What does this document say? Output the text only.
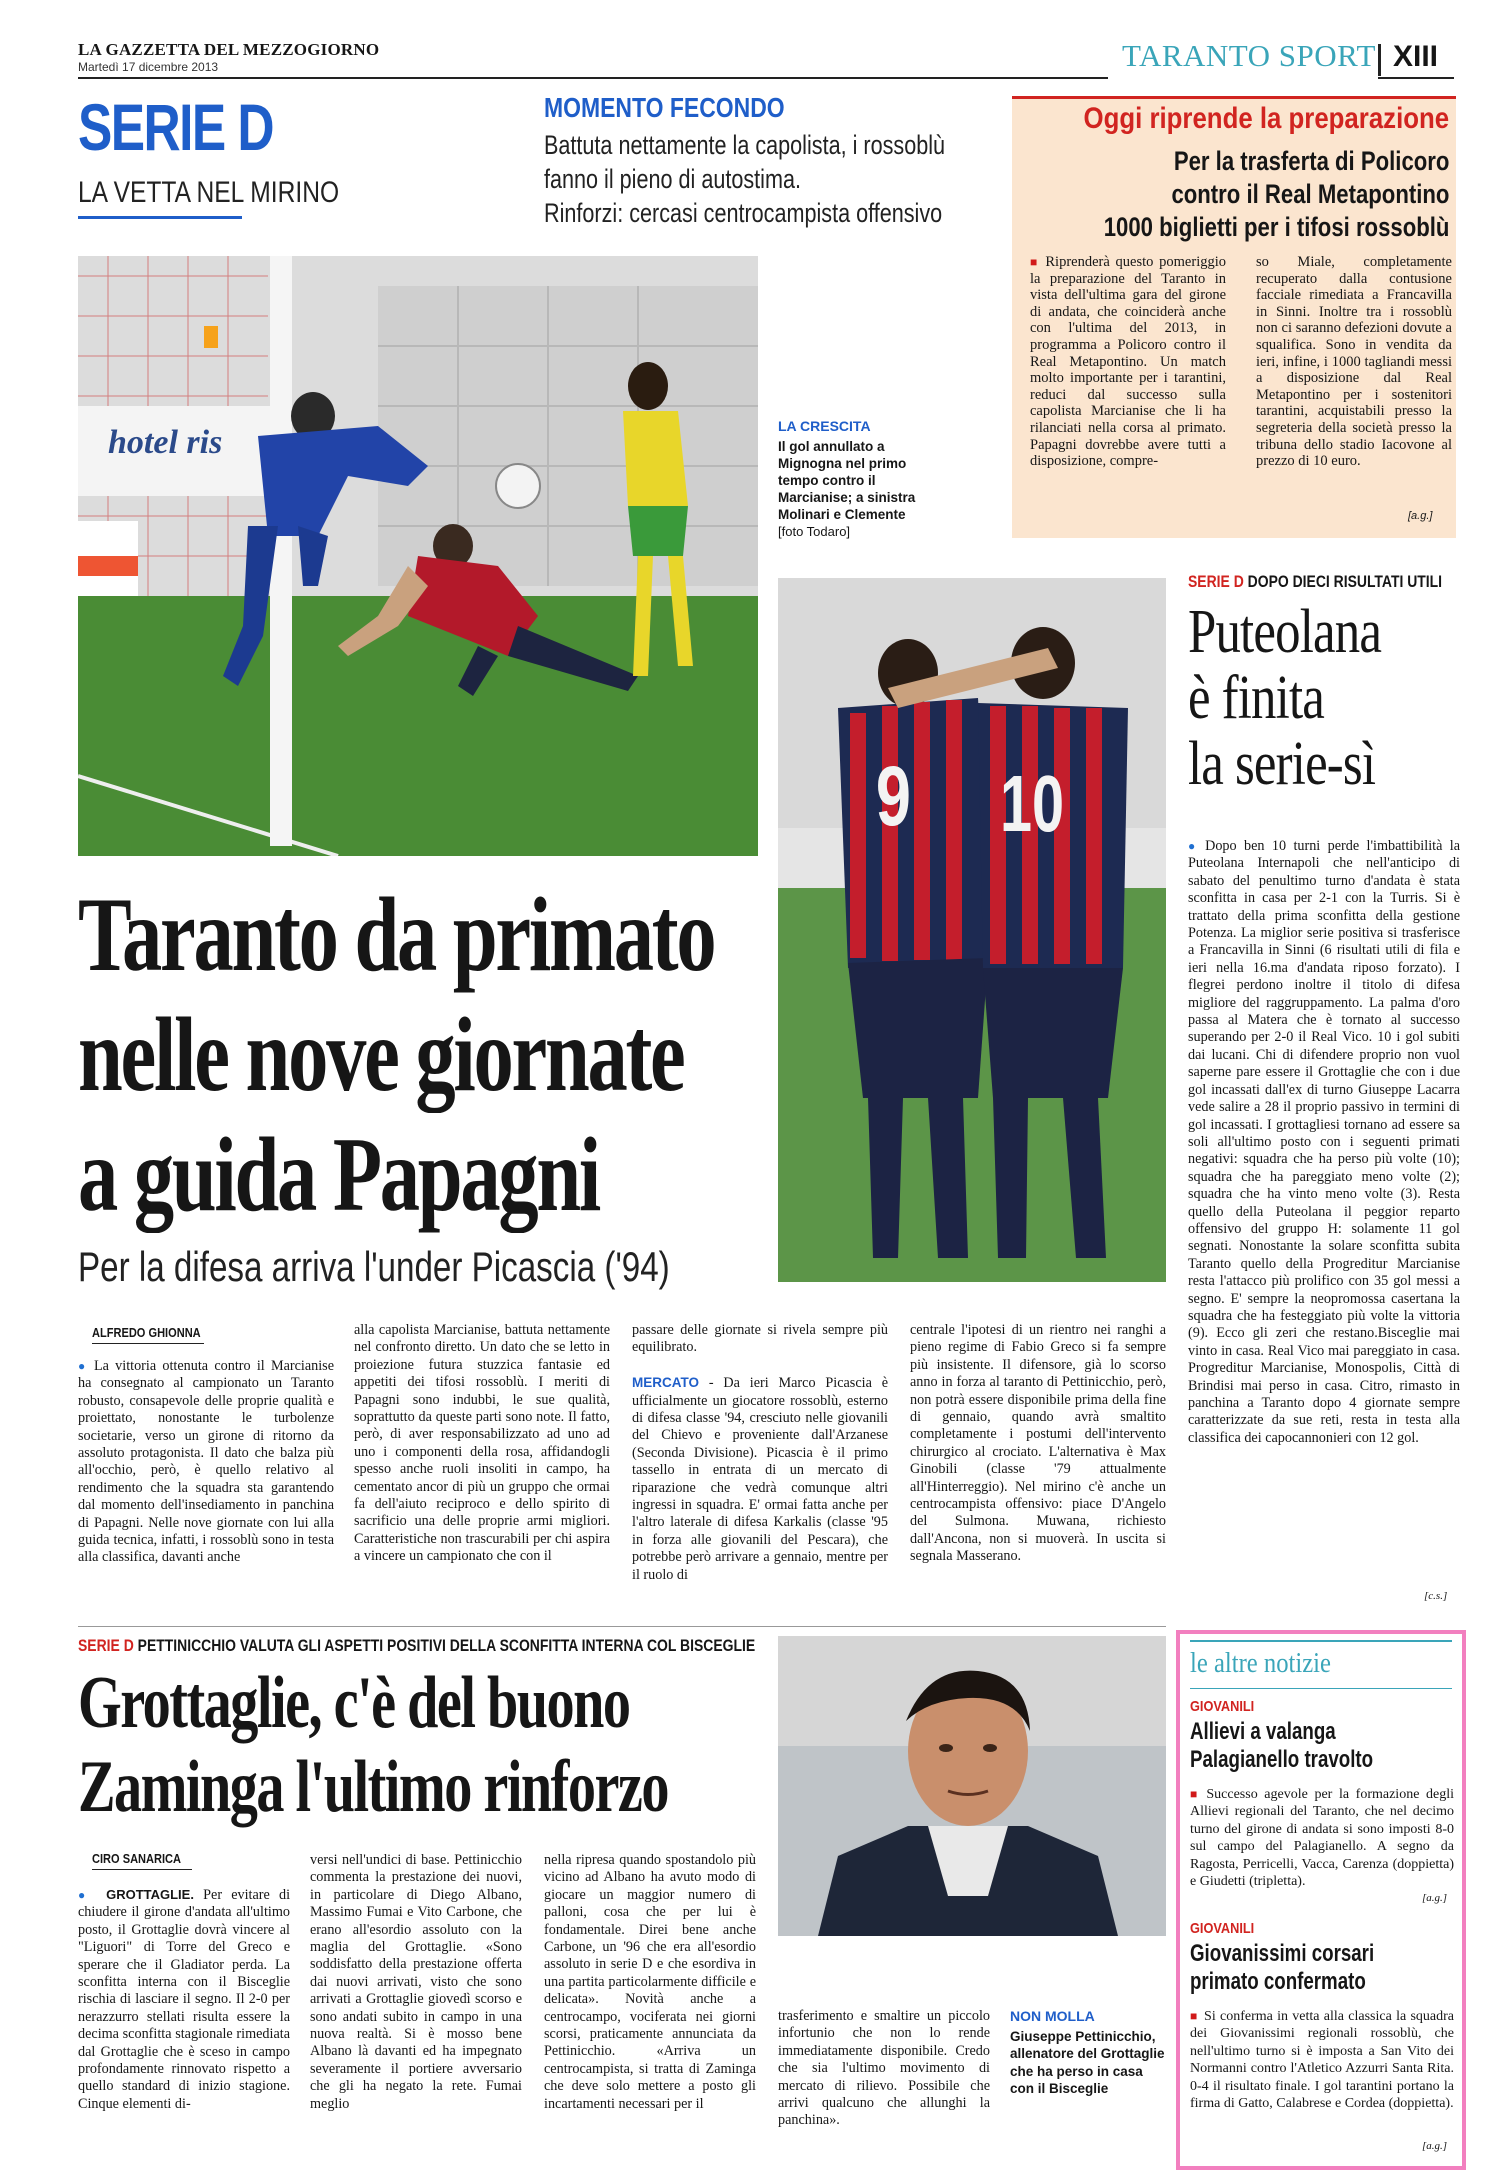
LA GAZZETTA DEL MEZZOGIORNO
Martedì 17 dicembre 2013	TARANTO SPORT XIII
SERIE D
LA VETTA NEL MIRINO
MOMENTO FECONDO
Battuta nettamente la capolista, i rossoblù
fanno il pieno di autostima.
Rinforzi: cercasi centrocampista offensivo
Oggi riprende la preparazione
Per la trasferta di Policoro
contro il Real Metapontino
1000 biglietti per i tifosi rossoblù
■ Riprenderà questo pomeriggio la preparazione del Taranto in vista dell'ultima gara del girone di andata, che coinciderà anche con l'ultima del 2013, in programma a Policoro contro il Real Metapontino. Un match molto importante per i tarantini, reduci dal successo sulla capolista Marcianise che li ha rilanciati nella corsa al primato. Papagni dovrebbe avere tutti a disposizione, compre-
so Miale, completamente recuperato dalla contusione facciale rimediata a Francavilla in Sinni. Inoltre tra i rossoblù non ci saranno defezioni dovute a squalifica. Sono in vendita da ieri, infine, i 1000 tagliandi messi a disposizione dal Real Metapontino per i sostenitori tarantini, acquistabili presso la segreteria della società presso la tribuna dello stadio Iacovone al prezzo di 10 euro.
[a.g.]
hotel ris	LA CRESCITA
Il gol annullato a Mignogna nel primo tempo contro il Marcianise; a sinistra Molinari e Clemente
[foto Todaro]
9 10
Taranto da primato
nelle nove giornate
a guida Papagni
Per la difesa arriva l'under Picascia ('94)
ALFREDO GHIONNA
● La vittoria ottenuta contro il Marcianise ha consegnato al campionato un Taranto robusto, consapevole delle proprie qualità e proiettato, nonostante le turbolenze societarie, verso un girone di ritorno da assoluto protagonista. Il dato che balza più all'occhio, però, è quello relativo al rendimento che la squadra sta garantendo dal momento dell'insediamento in panchina di Papagni. Nelle nove giornate con lui alla guida tecnica, infatti, i rossoblù sono in testa alla classifica, davanti anche
alla capolista Marcianise, battuta nettamente nel confronto diretto. Un dato che se letto in proiezione futura stuzzica fantasie ed appetiti dei tifosi rossoblù. I meriti di Papagni sono indubbi, le sue qualità, soprattutto da queste parti sono note. Il fatto, però, di aver responsabilizzato ad uno ad uno i componenti della rosa, affidandogli spesso anche ruoli insoliti in campo, ha cementato ancor di più un gruppo che ormai fa dell'aiuto reciproco e dello spirito di sacrificio una delle proprie armi migliori. Caratteristiche non trascurabili per chi aspira a vincere un campionato che con il
passare delle giornate si rivela sempre più equilibrato.

MERCATO - Da ieri Marco Picascia è ufficialmente un giocatore rossoblù, esterno di difesa classe '94, cresciuto nelle giovanili del Chievo e proveniente dall'Arzanese (Seconda Divisione). Picascia è il primo tassello in entrata di un mercato di riparazione che vedrà comunque altri ingressi in squadra. E' ormai fatta anche per l'altro laterale di difesa Karkalis (classe '95 in forza alle giovanili del Pescara), che potrebbe però arrivare a gennaio, mentre per il ruolo di
centrale l'ipotesi di un rientro nei ranghi a pieno regime di Fabio Greco si fa sempre più insistente. Il difensore, già lo scorso anno in forza al taranto di Pettinicchio, però, non potrà essere disponibile prima della fine di gennaio, quando avrà smaltito completamente i postumi dell'intervento chirurgico al crociato. L'alternativa è Max Ginobili (classe '79 attualmente all'Hinterreggio). Nel mirino c'è anche un centrocampista offensivo: piace D'Angelo del Sulmona. Muwana, richiesto dall'Ancona, non si muoverà. In uscita si segnala Masserano.
SERIE D DOPO DIECI RISULTATI UTILI
Puteolana
è finita
la serie-sì
● Dopo ben 10 turni perde l'imbattibilità la Puteolana Internapoli che nell'anticipo di sabato del penultimo turno d'andata è stata sconfitta in casa per 2-1 con la Turris. Si è trattato della prima sconfitta della gestione Potenza. La miglior serie positiva si trasferisce a Francavilla in Sinni (6 risultati utili di fila e ieri nella 16.ma d'andata riposo forzato). I flegrei perdono inoltre il titolo di difesa migliore del raggruppamento. La palma d'oro passa al Matera che è tornato al successo superando per 2-0 il Real Vico. 10 i gol subiti dai lucani. Chi di difendere proprio non vuol saperne pare essere il Grottaglie che con i due gol incassati dall'ex di turno Giuseppe Lacarra vede salire a 28 il proprio passivo in termini di gol incassati. I grottagliesi tornano ad essere sa soli all'ultimo posto con i seguenti primati negativi: squadra che ha perso più volte (10); squadra che ha pareggiato meno volte (2); squadra che ha vinto meno volte (3). Resta quello della Puteolana il peggior reparto offensivo del gruppo H: solamente 11 gol segnati. Nonostante la solare sconfitta subita Taranto quello della Progreditur Marcianise resta l'attacco più prolifico con 35 gol messi a segno. E' sempre la neopromossa casertana la squadra che ha festeggiato più volte la vittoria (9). Ecco gli zeri che restano.Bisceglie mai vinto in casa. Real Vico mai pareggiato in casa. Progreditur Marcianise, Monospolis, Città di Brindisi mai perso in casa. Citro, rimasto in panchina a Taranto dopo 4 giornate sempre caratterizzate da sue reti, resta in testa alla classifica dei capocannonieri con 12 gol.
[c.s.]
SERIE D PETTINICCHIO VALUTA GLI ASPETTI POSITIVI DELLA SCONFITTA INTERNA COL BISCEGLIE
Grottaglie, c'è del buono
Zaminga l'ultimo rinforzo
CIRO SANARICA
● GROTTAGLIE. Per evitare di chiudere il girone d'andata all'ultimo posto, il Grottaglie dovrà vincere al "Liguori" di Torre del Greco e sperare che il Gladiator perda. La sconfitta interna con il Bisceglie rischia di lasciare il segno. Il 2-0 per nerazzurro stellati risulta essere la decima sconfitta stagionale rimediata dal Grottaglie che è sceso in campo profondamente rinnovato rispetto a quello standard di inizio stagione. Cinque elementi di-
versi nell'undici di base. Pettinicchio commenta la prestazione dei nuovi, in particolare di Diego Albano, Massimo Fumai e Vito Carbone, che erano all'esordio assoluto con la maglia del Grottaglie. «Sono soddisfatto della prestazione offerta dai nuovi arrivati, visto che sono arrivati a Grottaglie giovedì scorso e sono andati subito in campo in una nuova realtà. Si è mosso bene Albano là davanti ed ha impegnato severamente il portiere avversario che gli ha negato la rete. Fumai meglio
nella ripresa quando spostandolo più vicino ad Albano ha avuto modo di giocare un maggior numero di palloni, cosa che per lui è fondamentale. Direi bene anche Carbone, un '96 che era all'esordio assoluto in serie D e che esordiva in una partita particolarmente difficile e delicata». Novità anche a centrocampo, vociferata nei giorni scorsi, praticamente annunciata da Pettinicchio. «Arriva un centrocampista, si tratta di Zaminga che deve solo mettere a posto gli incartamenti necessari per il
trasferimento e smaltire un piccolo infortunio che non lo rende immediatamente disponibile. Credo che sia l'ultimo movimento di mercato di rilievo. Possibile che arrivi qualcuno che allunghi la panchina».
NON MOLLA
Giuseppe Pettinicchio, allenatore del Grottaglie che ha perso in casa con il Bisceglie
le altre notizie
GIOVANILI
Allievi a valanga
Palagianello travolto
■ Successo agevole per la formazione degli Allievi regionali del Taranto, che nel decimo turno del girone di andata si sono imposti 8-0 sul campo del Palagianello. A segno da Ragosta, Perricelli, Vacca, Carenza (doppietta) e Giudetti (tripletta).
[a.g.]
GIOVANILI
Giovanissimi corsari
primato confermato
■ Si conferma in vetta alla classica la squadra dei Giovanissimi regionali rossoblù, che nell'ultimo turno si è imposta a San Vito dei Normanni contro l'Atletico Azzurri Santa Rita. 0-4 il risultato finale. I gol tarantini portano la firma di Gatto, Calabrese e Cordea (doppietta).
[a.g.]
